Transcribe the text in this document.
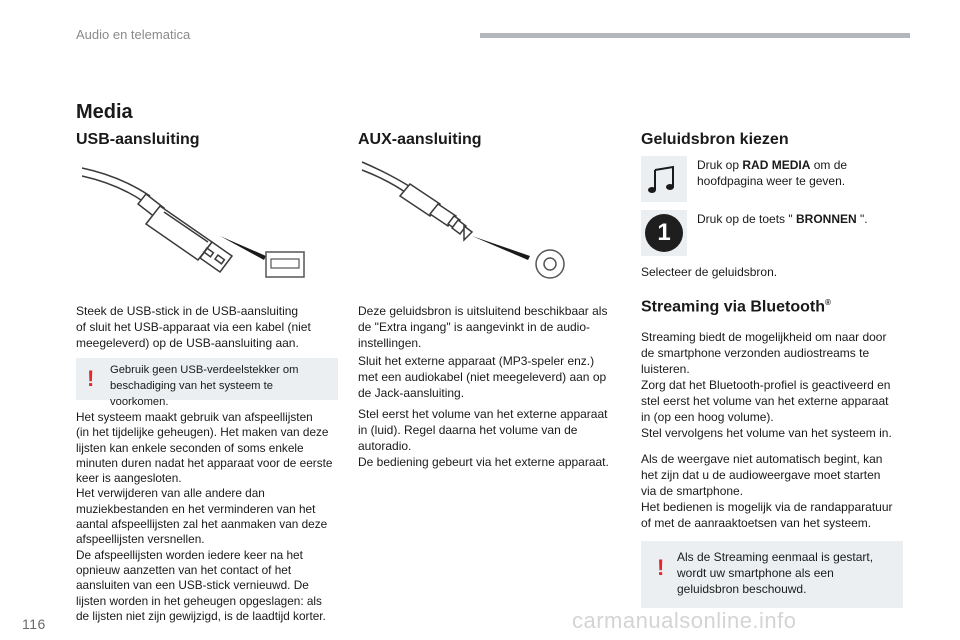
Audio en telematica
Media
USB-aansluiting
Steek de USB-stick in de USB-aansluiting
of sluit het USB-apparaat via een kabel (niet
meegeleverd) op de USB-aansluiting aan.
! Gebruik geen USB-verdeelstekker om
beschadiging van het systeem te voorkomen.
Het systeem maakt gebruik van afspeellijsten
(in het tijdelijke geheugen). Het maken van deze
lijsten kan enkele seconden of soms enkele
minuten duren nadat het apparaat voor de eerste
keer is aangesloten.
Het verwijderen van alle andere dan
muziekbestanden en het verminderen van het
aantal afspeellijsten zal het aanmaken van deze
afspeellijsten versnellen.
De afspeellijsten worden iedere keer na het
opnieuw aanzetten van het contact of het
aansluiten van een USB-stick vernieuwd. De
lijsten worden in het geheugen opgeslagen: als
de lijsten niet zijn gewijzigd, is de laadtijd korter.
AUX-aansluiting
Deze geluidsbron is uitsluitend beschikbaar als
de "Extra ingang" is aangevinkt in de audio-
instellingen.
Sluit het externe apparaat (MP3-speler enz.)
met een audiokabel (niet meegeleverd) aan op
de Jack-aansluiting.
Stel eerst het volume van het externe apparaat
in (luid). Regel daarna het volume van de
autoradio.
De bediening gebeurt via het externe apparaat.
Geluidsbron kiezen
Druk op RAD MEDIA om de
hoofdpagina weer te geven.
1	Druk op de toets " BRONNEN ".
Selecteer de geluidsbron.
Streaming via Bluetooth®
Streaming biedt de mogelijkheid om naar door
de smartphone verzonden audiostreams te
luisteren.
Zorg dat het Bluetooth-profiel is geactiveerd en
stel eerst het volume van het externe apparaat
in (op een hoog volume).
Stel vervolgens het volume van het systeem in.
Als de weergave niet automatisch begint, kan
het zijn dat u de audioweergave moet starten
via de smartphone.
Het bedienen is mogelijk via de randapparatuur
of met de aanraaktoetsen van het systeem.
! Als de Streaming eenmaal is gestart,
wordt uw smartphone als een
geluidsbron beschouwd.
116	carmanualsonline.info
